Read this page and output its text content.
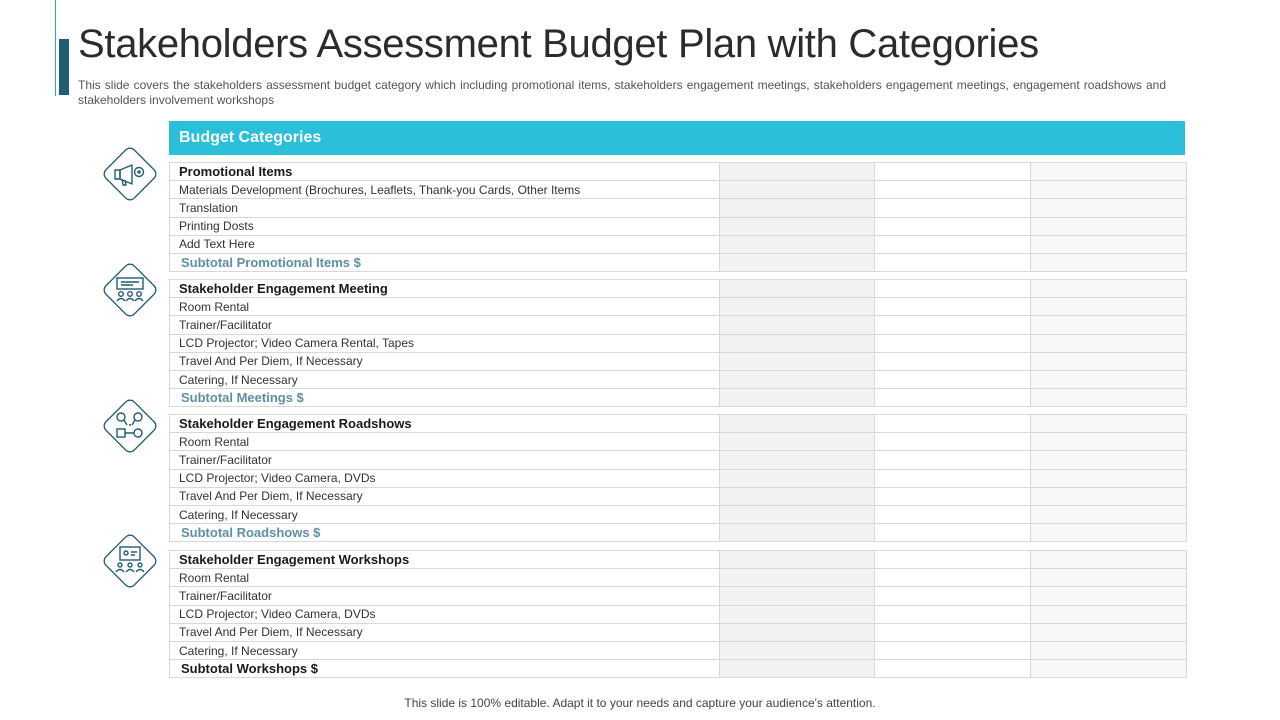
Stakeholders Assessment Budget Plan with Categories

This slide covers the stakeholders assessment budget category which including promotional items, stakeholders engagement meetings, stakeholders engagement meetings, engagement roadshows and stakeholders involvement workshops

Budget Categories
Promotional Items			
Materials Development (Brochures, Leaflets, Thank-you Cards, Other Items			
Translation			
Printing Dosts			
Add Text Here			
Subtotal Promotional Items $			
Stakeholder Engagement Meeting			
Room Rental			
Trainer/Facilitator			
LCD Projector; Video Camera Rental, Tapes			
Travel And Per Diem, If Necessary			
Catering, If Necessary			
Subtotal Meetings $			
Stakeholder Engagement Roadshows			
Room Rental			
Trainer/Facilitator			
LCD Projector; Video Camera, DVDs			
Travel And Per Diem, If Necessary			
Catering, If Necessary			
Subtotal Roadshows $			
Stakeholder Engagement Workshops			
Room Rental			
Trainer/Facilitator			
LCD Projector; Video Camera, DVDs			
Travel And Per Diem, If Necessary			
Catering, If Necessary			
Subtotal Workshops $			
This slide is 100% editable. Adapt it to your needs and capture your audience's attention.
